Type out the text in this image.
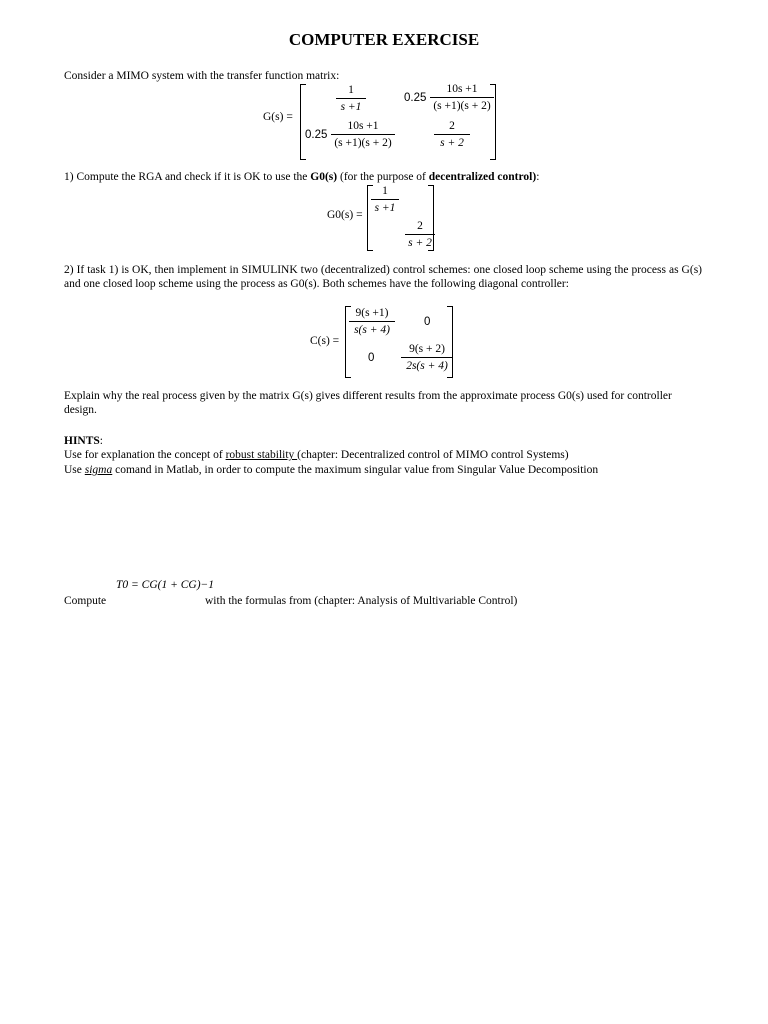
COMPUTER EXERCISE
Consider a MIMO system with the transfer function matrix:
G(s) =
1
s +1
0.25
10s +1
(s +1)(s + 2)
0.25
10s +1
(s +1)(s + 2)
2
s + 2
1) Compute the RGA and check if it is OK to use the G0(s) (for the purpose of decentralized control):
G0(s) =
1
s +1
2
s + 2
2) If task 1) is OK, then implement in SIMULINK two (decentralized) control schemes: one closed loop scheme using the process as G(s) and one closed loop scheme using the process as G0(s). Both schemes have the following diagonal controller:
C(s) =
9(s +1)
s(s + 4)
0
0
9(s + 2)
2s(s + 4)
Explain why the real process given by the matrix G(s) gives different results from the approximate process G0(s) used for controller design.
HINTS:
Use for explanation the concept of robust stability (chapter: Decentralized control of MIMO control Systems)
Use sigma comand in Matlab, in order to compute the maximum singular value from Singular Value Decomposition
T0 = CG(1 + CG)−1
Compute	with the formulas from (chapter: Analysis of Multivariable Control)
